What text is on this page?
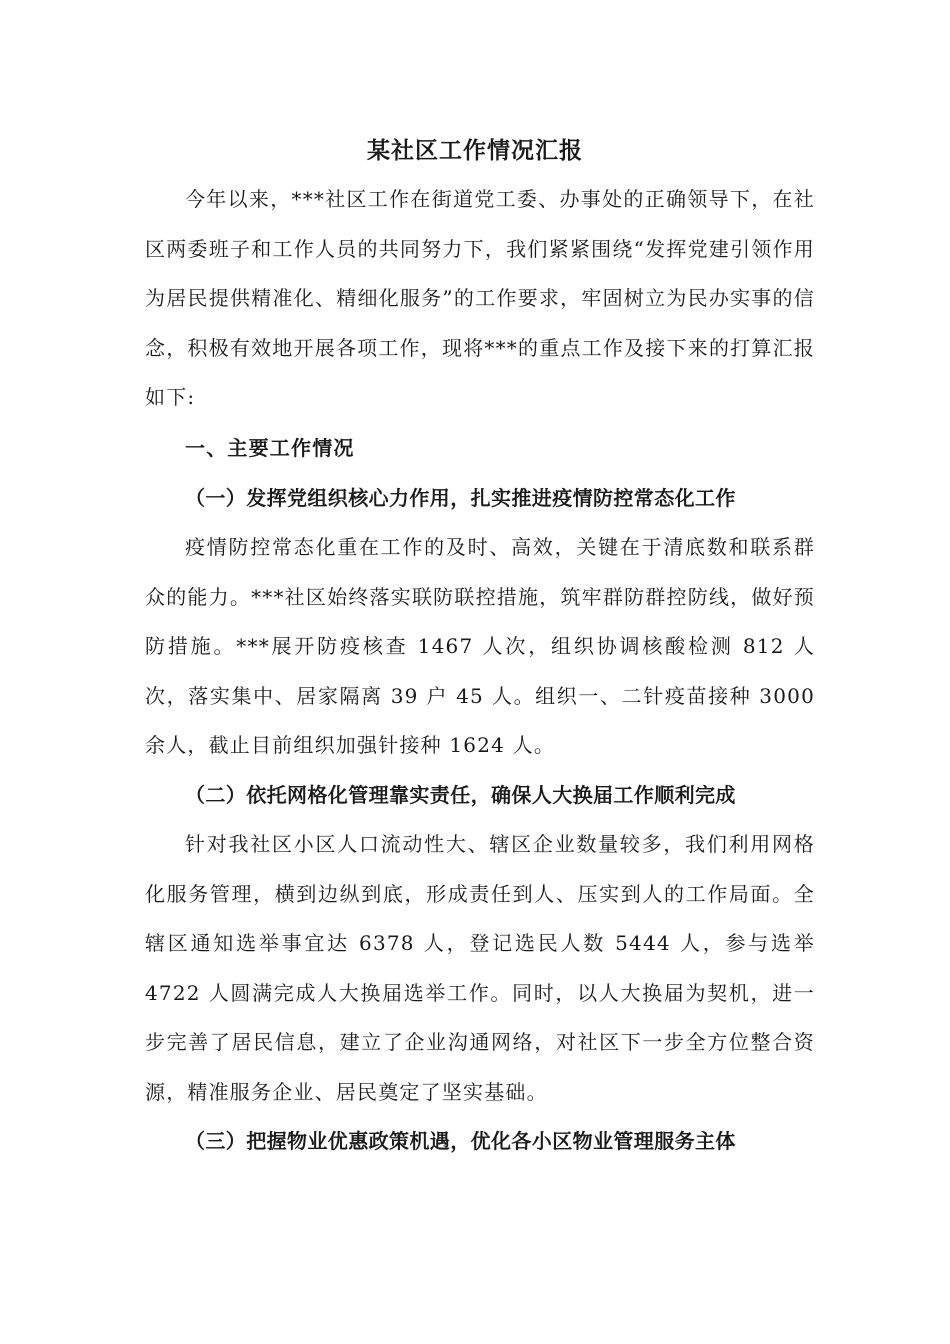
某社区工作情况汇报

今年以来，***社区工作在街道党工委、办事处的正确领导下，在社区两委班子和工作人员的共同努力下，我们紧紧围绕“发挥党建引领作用为居民提供精准化、精细化服务”的工作要求，牢固树立为民办实事的信念，积极有效地开展各项工作，现将***的重点工作及接下来的打算汇报如下:

一、主要工作情况

（一）发挥党组织核心力作用，扎实推进疫情防控常态化工作

疫情防控常态化重在工作的及时、高效，关键在于清底数和联系群众的能力。***社区始终落实联防联控措施，筑牢群防群控防线，做好预防措施。***展开防疫核查 1467 人次，组织协调核酸检测 812 人次，落实集中、居家隔离 39 户 45 人。组织一、二针疫苗接种 3000 余人，截止目前组织加强针接种 1624 人。

（二）依托网格化管理靠实责任，确保人大换届工作顺利完成

针对我社区小区人口流动性大、辖区企业数量较多，我们利用网格化服务管理，横到边纵到底，形成责任到人、压实到人的工作局面。全辖区通知选举事宜达 6378 人，登记选民人数 5444 人，参与选举 4722 人圆满完成人大换届选举工作。同时，以人大换届为契机，进一步完善了居民信息，建立了企业沟通网络，对社区下一步全方位整合资源，精准服务企业、居民奠定了坚实基础。

（三）把握物业优惠政策机遇，优化各小区物业管理服务主体
